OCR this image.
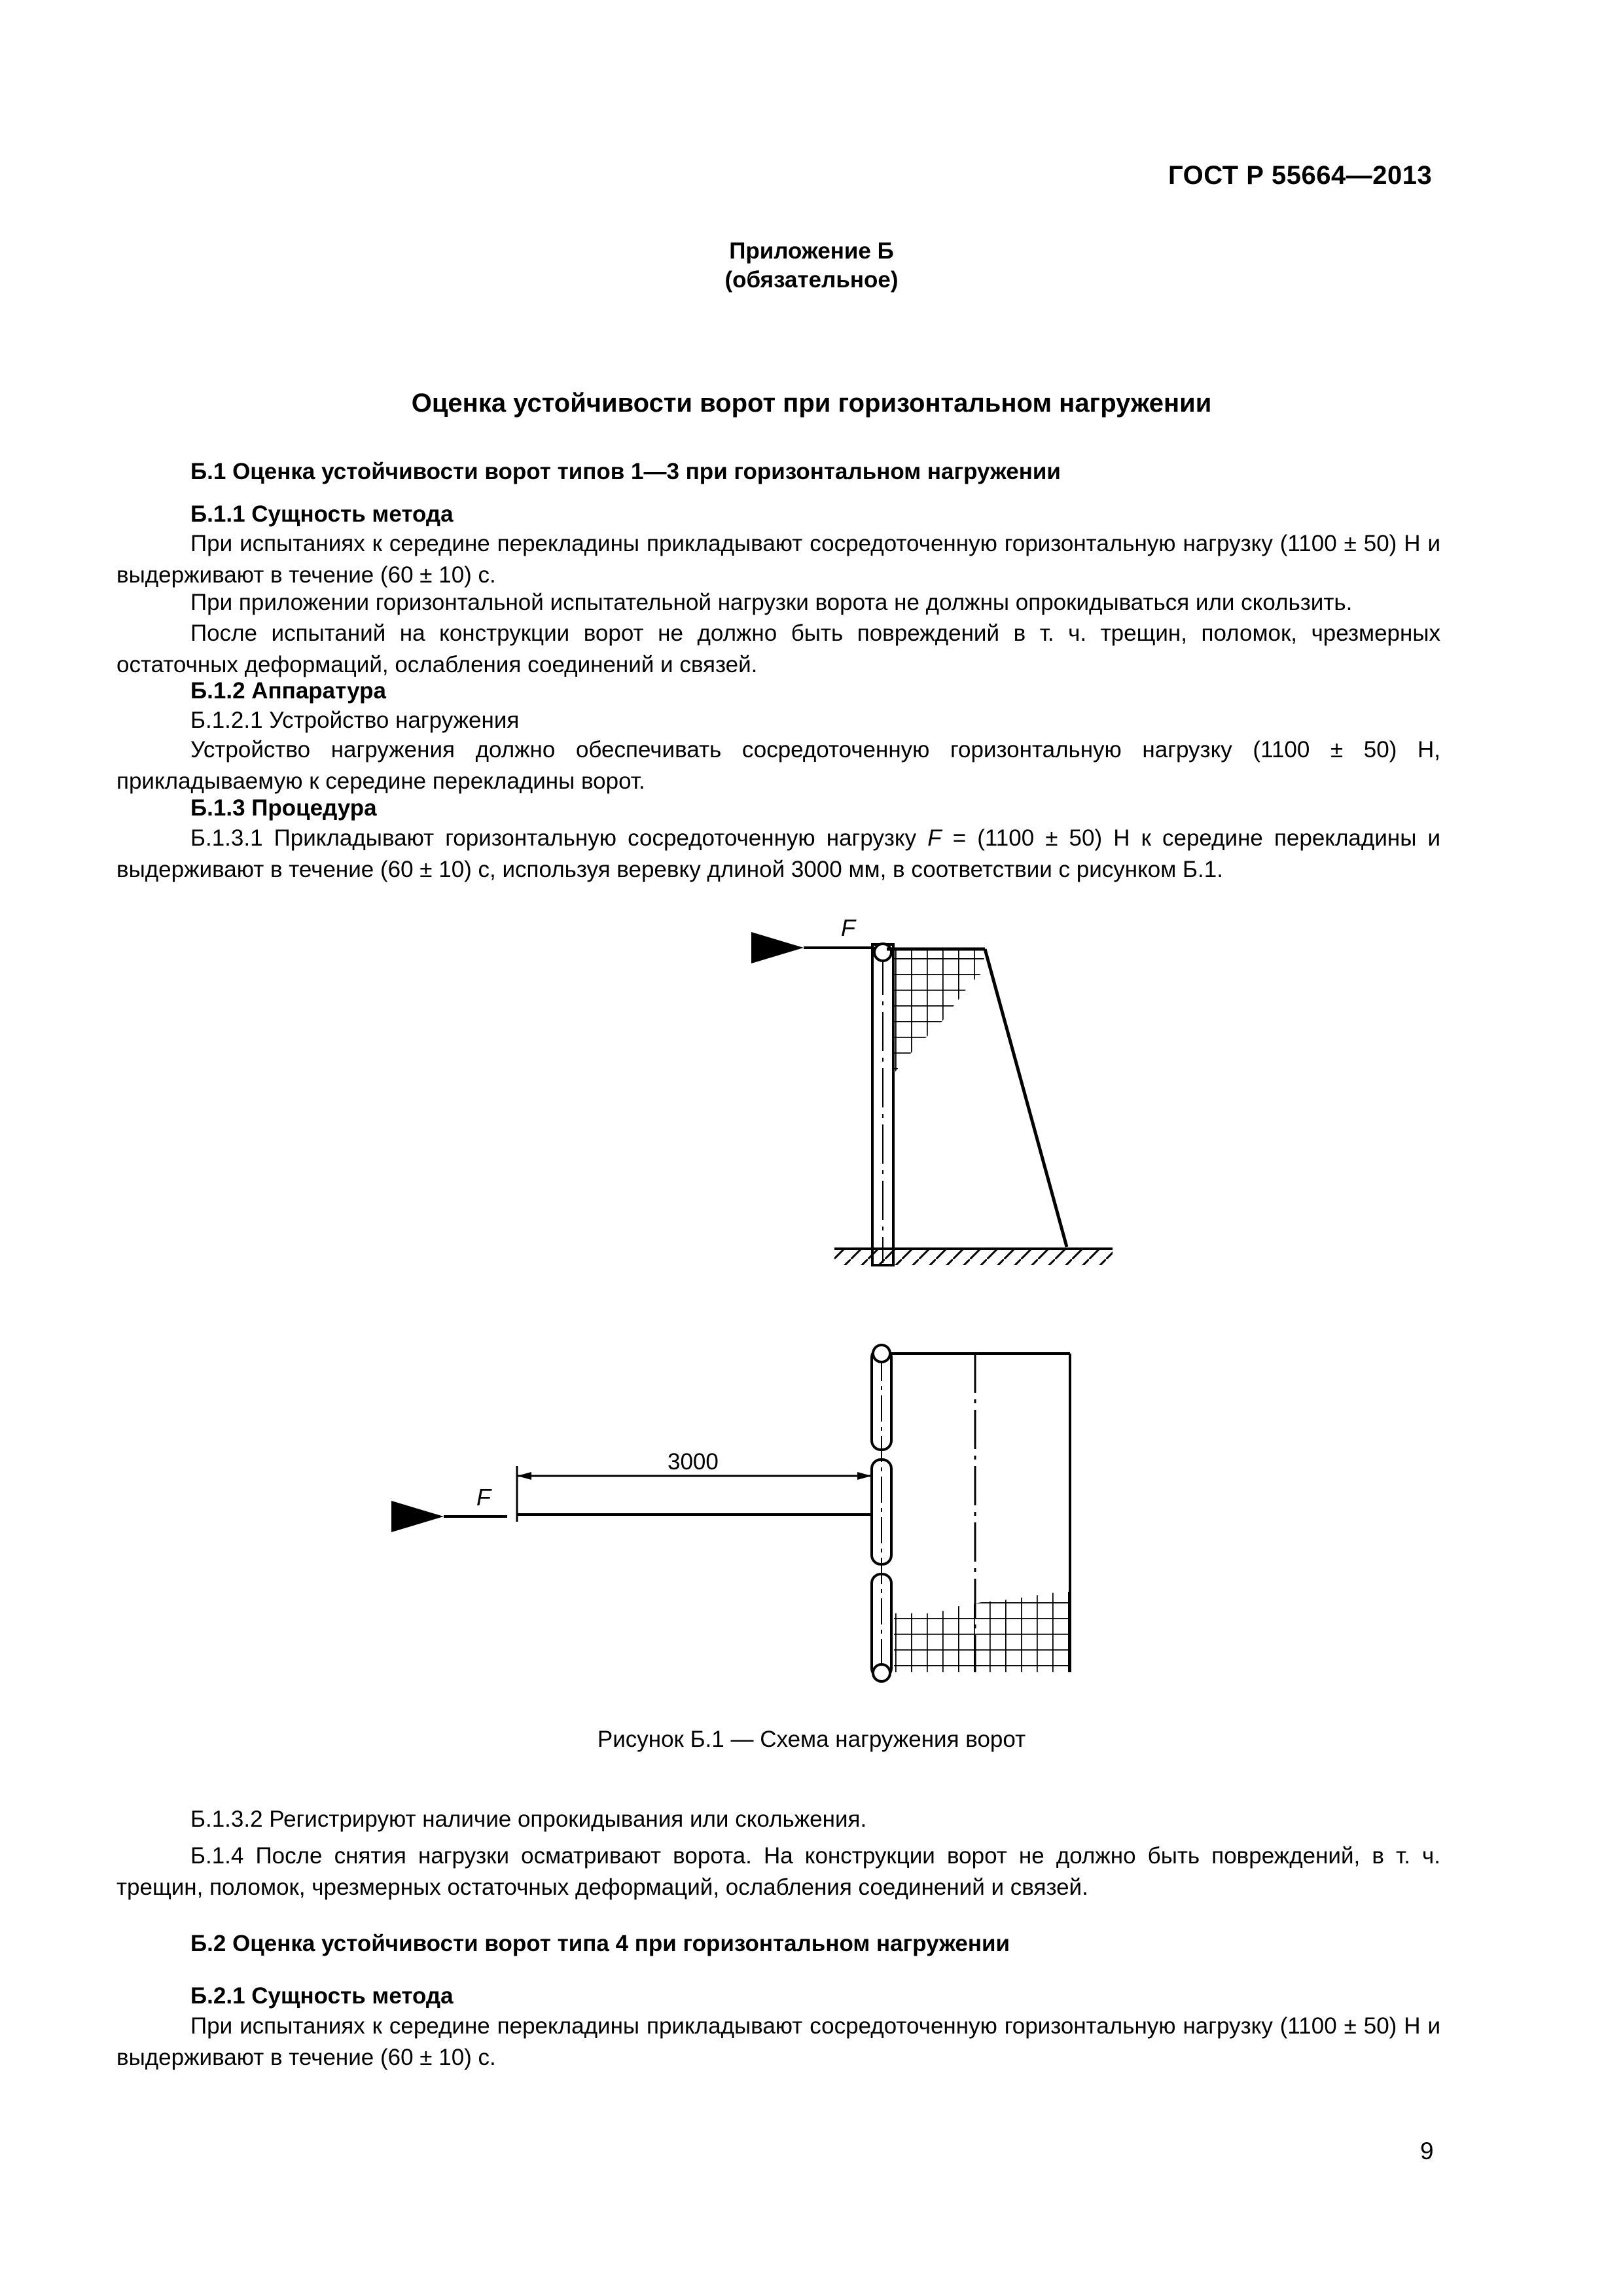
ГОСТ Р 55664—2013
Приложение Б
(обязательное)
Оценка устойчивости ворот при горизонтальном нагружении
Б.1 Оценка устойчивости ворот типов 1—3 при горизонтальном нагружении
Б.1.1 Сущность метода

При испытаниях к середине перекладины прикладывают сосредоточенную горизонтальную нагрузку (1100 ± 50) Н и выдерживают в течение (60 ± 10) с.

При приложении горизонтальной испытательной нагрузки ворота не должны опрокидываться или скользить.

После испытаний на конструкции ворот не должно быть повреждений в т. ч. трещин, поломок, чрезмерных остаточных деформаций, ослабления соединений и связей.

Б.1.2 Аппаратура
Б.1.2.1 Устройство нагружения

Устройство нагружения должно обеспечивать сосредоточенную горизонтальную нагрузку (1100 ± 50) Н, прикладываемую к середине перекладины ворот.

Б.1.3 Процедура

Б.1.3.1 Прикладывают горизонтальную сосредоточенную нагрузку F = (1100 ± 50) Н к середине перекладины и выдерживают в течение (60 ± 10) с, используя веревку длиной 3000 мм, в соответствии с рисунком Б.1.

F
3000
F
Рисунок Б.1 — Схема нагружения ворот
Б.1.3.2 Регистрируют наличие опрокидывания или скольжения.

Б.1.4 После снятия нагрузки осматривают ворота. На конструкции ворот не должно быть повреждений, в т. ч. трещин, поломок, чрезмерных остаточных деформаций, ослабления соединений и связей.

Б.2 Оценка устойчивости ворот типа 4 при горизонтальном нагружении
Б.2.1 Сущность метода

При испытаниях к середине перекладины прикладывают сосредоточенную горизонтальную нагрузку (1100 ± 50) Н и выдерживают в течение (60 ± 10) с.

9
